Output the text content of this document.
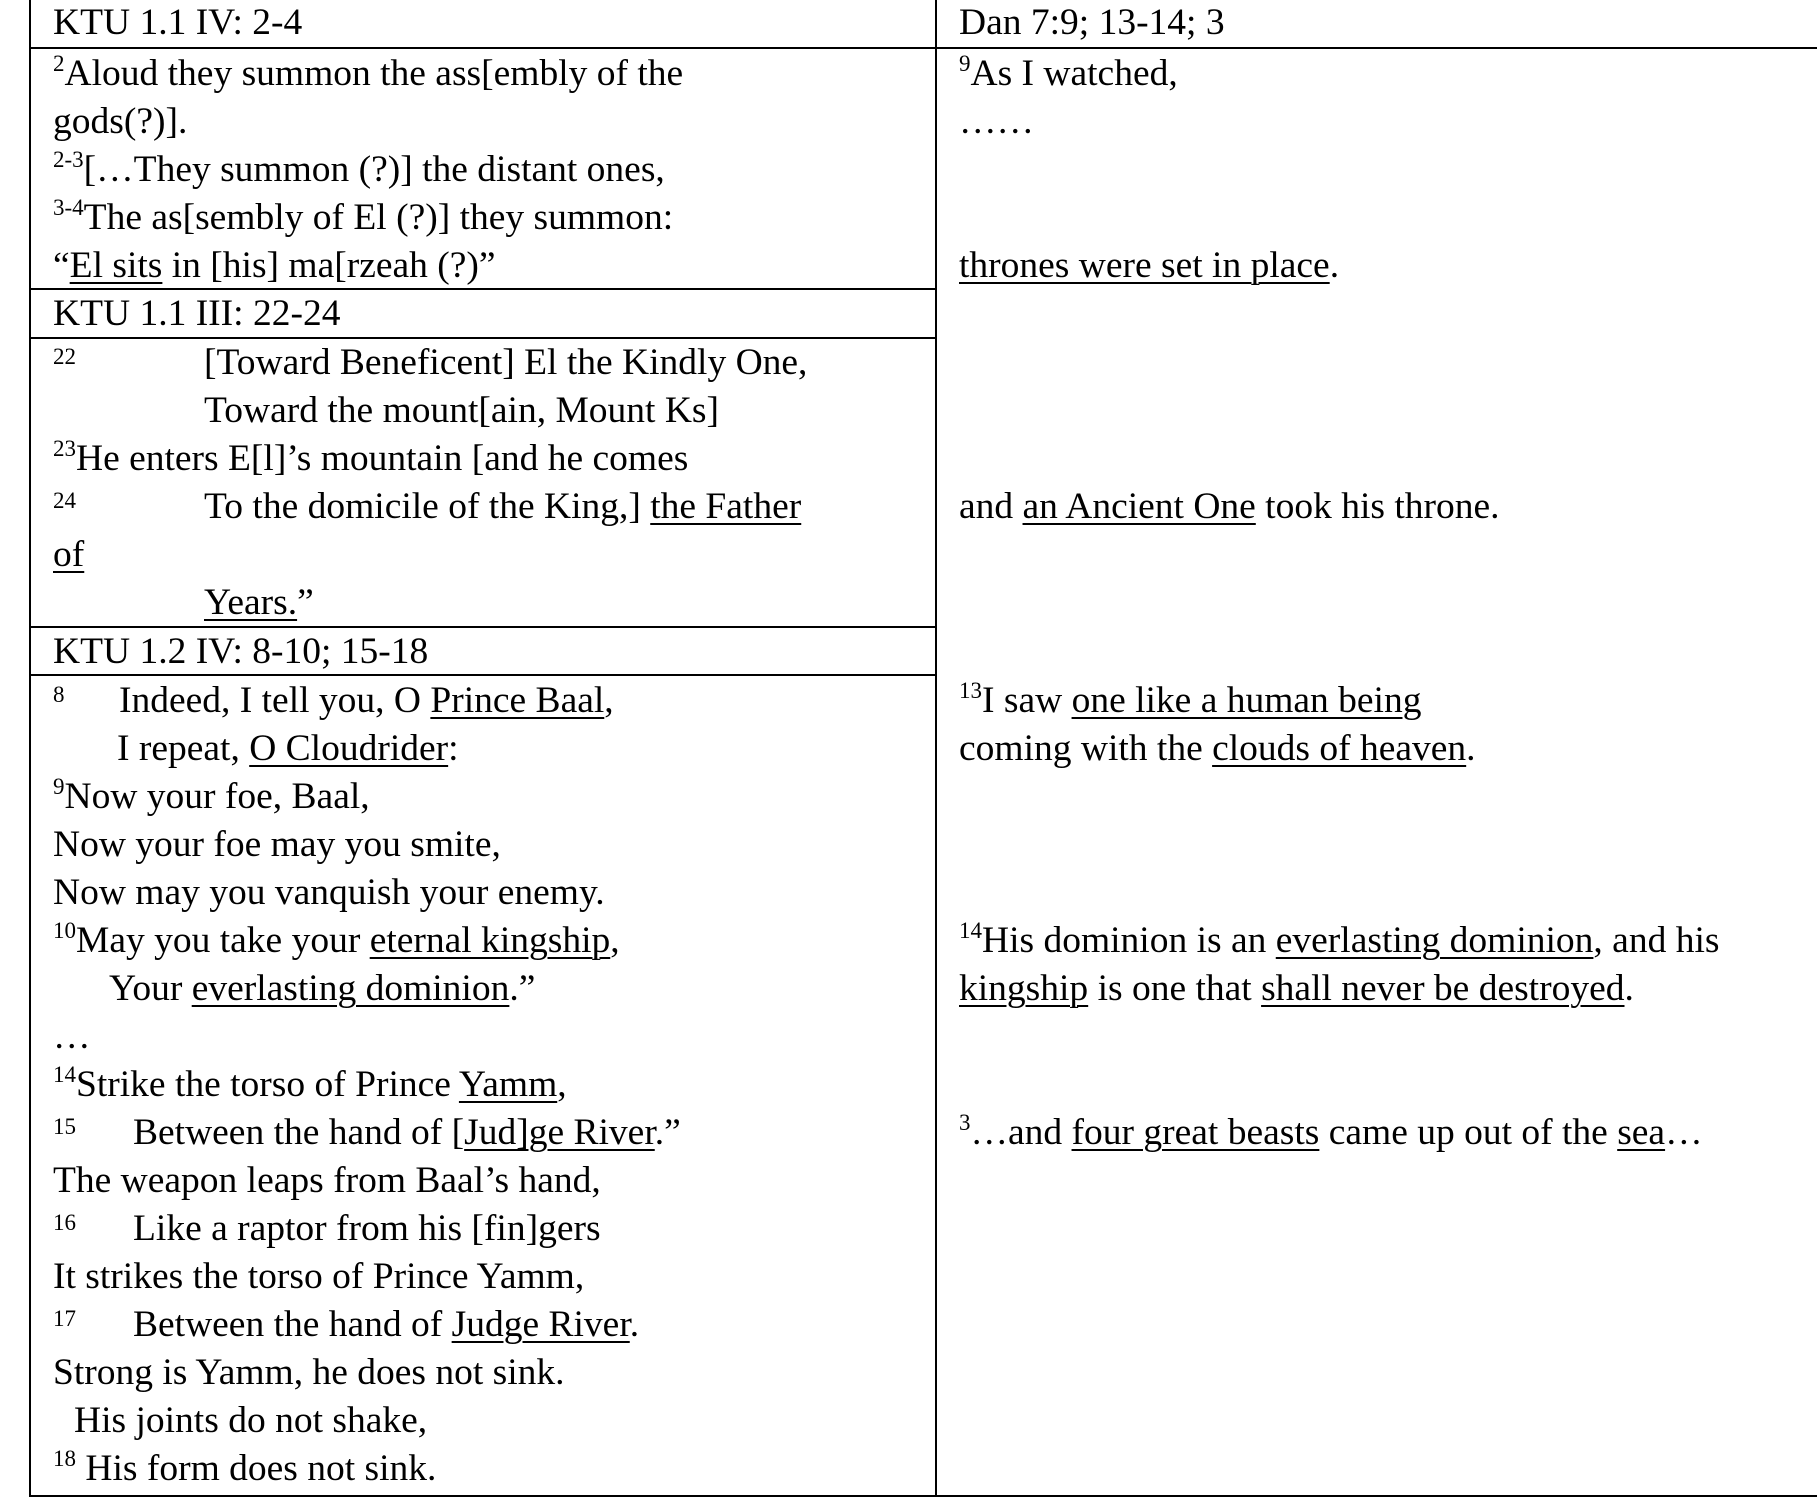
KTU 1.1 IV: 2-4
$^2$Aloud they summon the ass[embly of the
gods(?)].
$^{2-3}$[…They summon (?)] the distant ones,
$^{3-4}$The as[sembly of El (?)] they summon:
“El sits in [his] ma[rzeah (?)”
KTU 1.1 III: 22-24
22	[Toward Beneficent] El the Kindly One,
Toward the mount[ain, Mount Ks]
$^{23}$He enters E[l]’s mountain [and he comes
24	To the domicile of the King,] the Father
of
Years.”
KTU 1.2 IV: 8-10; 15-18
8 Indeed, I tell you, O Prince Baal,
I repeat, O Cloudrider:
$^9$Now your foe, Baal,
Now your foe may you smite,
Now may you vanquish your enemy.
$^{10}$May you take your eternal kingship,
Your everlasting dominion.”
…
$^{14}$Strike the torso of Prince Yamm,
15 Between the hand of [Jud]ge River.”
The weapon leaps from Baal’s hand,
16 Like a raptor from his [fin]gers
It strikes the torso of Prince Yamm,
17 Between the hand of Judge River.
Strong is Yamm, he does not sink.
His joints do not shake,
$^{18}$ His form does not sink.
Dan 7:9; 13-14; 3
$^9$As I watched,
……
thrones were set in place.
and an Ancient One took his throne.
$^{13}$I saw one like a human being
coming with the clouds of heaven.
$^{14}$His dominion is an everlasting dominion, and his
kingship is one that shall never be destroyed.
$^3$…and four great beasts came up out of the sea…
